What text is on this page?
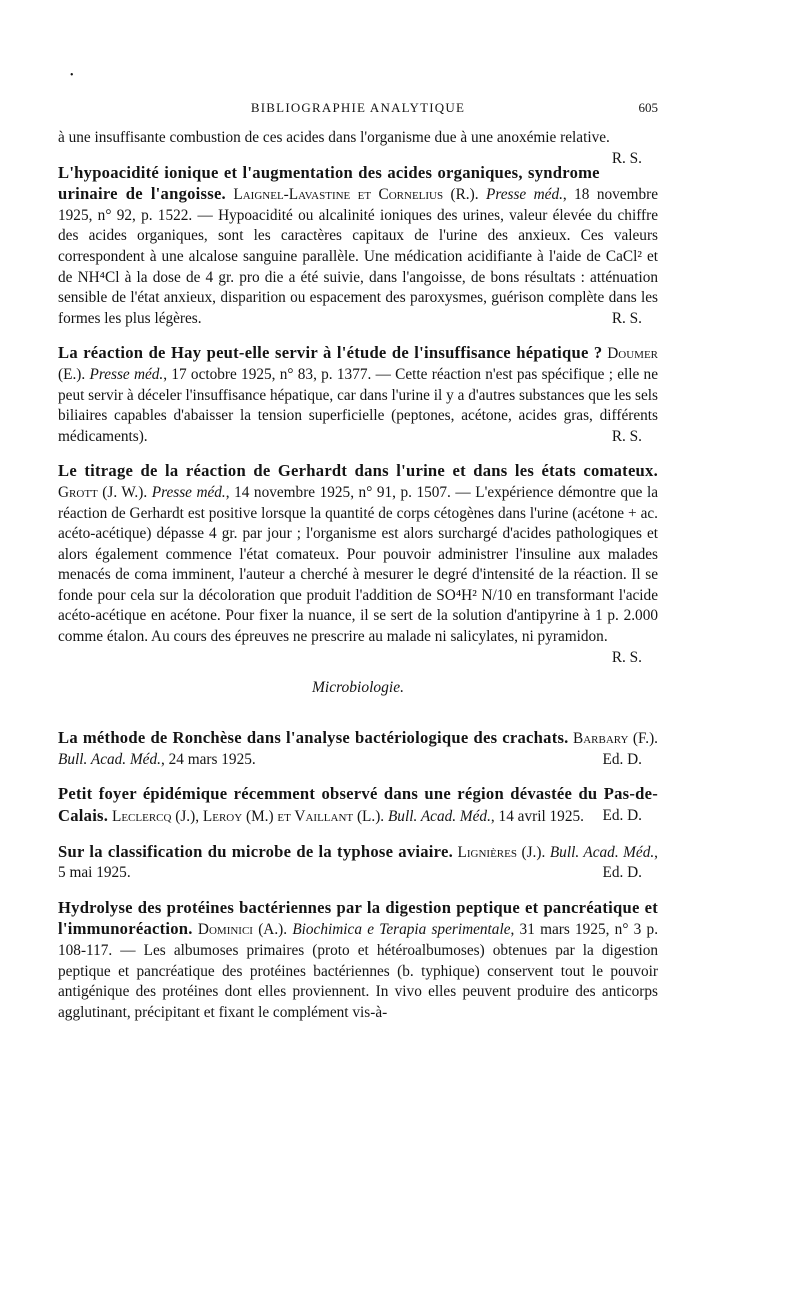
•
BIBLIOGRAPHIE ANALYTIQUE	605

à une insuffisante combustion de ces acides dans l'organisme due à une anoxémie relative.
R. S.

L'hypoacidité ionique et l'augmentation des acides organiques, syndrome urinaire de l'angoisse. Laignel-Lavastine et Cornelius (R.). Presse méd., 18 novembre 1925, n° 92, p. 1522. — Hypoacidité ou alcalinité ioniques des urines, valeur élevée du chiffre des acides organiques, sont les caractères capitaux de l'urine des anxieux. Ces valeurs correspondent à une alcalose sanguine parallèle. Une médication acidifiante à l'aide de CaCl² et de NH⁴Cl à la dose de 4 gr. pro die a été suivie, dans l'angoisse, de bons résultats : atténuation sensible de l'état anxieux, disparition ou espacement des paroxysmes, guérison complète dans les formes les plus légères.	R. S.

La réaction de Hay peut-elle servir à l'étude de l'insuffisance hépatique ? Doumer (E.). Presse méd., 17 octobre 1925, n° 83, p. 1377. — Cette réaction n'est pas spécifique ; elle ne peut servir à déceler l'insuffisance hépatique, car dans l'urine il y a d'autres substances que les sels biliaires capables d'abaisser la tension superficielle (peptones, acétone, acides gras, différents médicaments).	R. S.

Le titrage de la réaction de Gerhardt dans l'urine et dans les états comateux. Grott (J. W.). Presse méd., 14 novembre 1925, n° 91, p. 1507. — L'expérience démontre que la réaction de Gerhardt est positive lorsque la quantité de corps cétogènes dans l'urine (acétone + ac. acéto-acétique) dépasse 4 gr. par jour ; l'organisme est alors surchargé d'acides pathologiques et alors également commence l'état comateux. Pour pouvoir administrer l'insuline aux malades menacés de coma imminent, l'auteur a cherché à mesurer le degré d'intensité de la réaction. Il se fonde pour cela sur la décoloration que produit l'addition de SO⁴H² N/10 en transformant l'acide acéto-acétique en acétone. Pour fixer la nuance, il se sert de la solution d'antipyrine à 1 p. 2.000 comme étalon. Au cours des épreuves ne prescrire au malade ni salicylates, ni pyramidon.
R. S.

Microbiologie.

La méthode de Ronchèse dans l'analyse bactériologique des crachats. Barbary (F.). Bull. Acad. Méd., 24 mars 1925.	Ed. D.

Petit foyer épidémique récemment observé dans une région dévastée du Pas-de-Calais. Leclercq (J.), Leroy (M.) et Vaillant (L.). Bull. Acad. Méd., 14 avril 1925.	Ed. D.

Sur la classification du microbe de la typhose aviaire. Lignières (J.). Bull. Acad. Méd., 5 mai 1925.	Ed. D.

Hydrolyse des protéines bactériennes par la digestion peptique et pancréatique et l'immunoréaction. Dominici (A.). Biochimica e Terapia sperimentale, 31 mars 1925, n° 3 p. 108-117. — Les albumoses primaires (proto et hétéroalbumoses) obtenues par la digestion peptique et pancréatique des protéines bactériennes (b. typhique) conservent tout le pouvoir antigénique des protéines dont elles proviennent. In vivo elles peuvent produire des anticorps agglutinant, précipitant et fixant le complément vis-à-
